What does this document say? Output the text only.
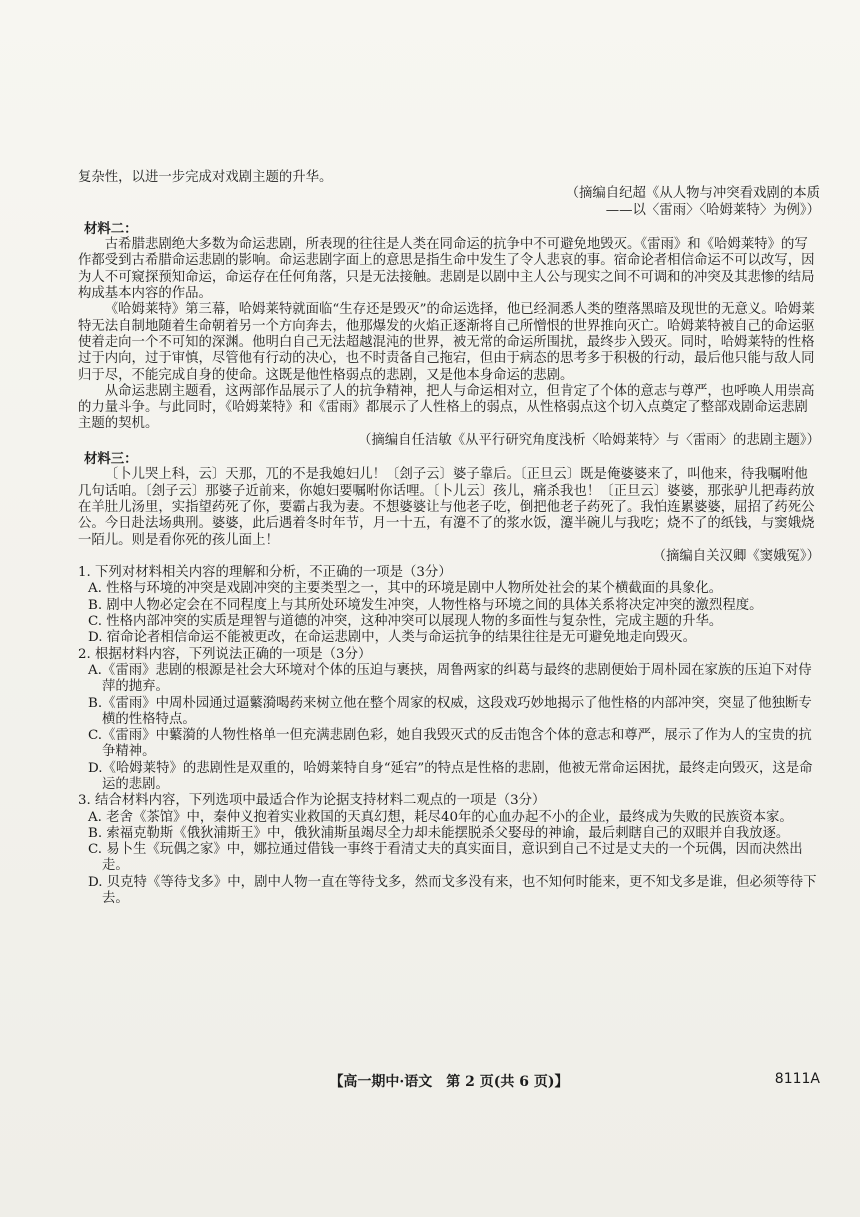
复杂性，以进一步完成对戏剧主题的升华。

（摘编自纪超《从人物与冲突看戏剧的本质

——以〈雷雨〉〈哈姆莱特〉为例》）

材料二：

古希腊悲剧绝大多数为命运悲剧，所表现的往往是人类在同命运的抗争中不可避免地毁灭。《雷雨》和《哈姆莱特》的写作都受到古希腊命运悲剧的影响。命运悲剧字面上的意思是指生命中发生了令人悲哀的事。宿命论者相信命运不可以改写，因为人不可窥探预知命运，命运存在任何角落，只是无法接触。悲剧是以剧中主人公与现实之间不可调和的冲突及其悲惨的结局构成基本内容的作品。

《哈姆莱特》第三幕，哈姆莱特就面临“生存还是毁灭”的命运选择，他已经洞悉人类的堕落黑暗及现世的无意义。哈姆莱特无法自制地随着生命朝着另一个方向奔去，他那爆发的火焰正逐渐将自己所憎恨的世界推向灭亡。哈姆莱特被自己的命运驱使着走向一个不可知的深渊。他明白自己无法超越混沌的世界，被无常的命运所围扰，最终步入毁灭。同时，哈姆莱特的性格过于内向，过于审慎，尽管他有行动的决心，也不时责备自己拖宕，但由于病态的思考多于积极的行动，最后他只能与敌人同归于尽，不能完成自身的使命。这既是他性格弱点的悲剧，又是他本身命运的悲剧。

从命运悲剧主题看，这两部作品展示了人的抗争精神，把人与命运相对立，但肯定了个体的意志与尊严，也呼唤人用崇高的力量斗争。与此同时，《哈姆莱特》和《雷雨》都展示了人性格上的弱点，从性格弱点这个切入点奠定了整部戏剧命运悲剧主题的契机。

（摘编自任洁敏《从平行研究角度浅析〈哈姆莱特〉与〈雷雨〉的悲剧主题》）

材料三：

〔卜儿哭上科，云〕天那，兀的不是我媳妇儿！〔刽子云〕婆子靠后。〔正旦云〕既是俺婆婆来了，叫他来，待我嘱咐他几句话咱。〔刽子云〕那婆子近前来，你媳妇要嘱咐你话哩。〔卜儿云〕孩儿，痛杀我也！〔正旦云〕婆婆，那张驴儿把毒药放在羊肚儿汤里，实指望药死了你，要霸占我为妻。不想婆婆让与他老子吃，倒把他老子药死了。我怕连累婆婆，屈招了药死公公。今日赴法场典刑。婆婆，此后遇着冬时年节，月一十五，有瀽不了的浆水饭，瀽半碗儿与我吃；烧不了的纸钱，与窦娥烧一陌儿。则是看你死的孩儿面上！

（摘编自关汉卿《窦娥冤》）

1. 下列对材料相关内容的理解和分析，不正确的一项是（3分）

A. 性格与环境的冲突是戏剧冲突的主要类型之一，其中的环境是剧中人物所处社会的某个横截面的具象化。

B. 剧中人物必定会在不同程度上与其所处环境发生冲突，人物性格与环境之间的具体关系将决定冲突的激烈程度。

C. 性格内部冲突的实质是理智与道德的冲突，这种冲突可以展现人物的多面性与复杂性，完成主题的升华。

D. 宿命论者相信命运不能被更改，在命运悲剧中，人类与命运抗争的结果往往是无可避免地走向毁灭。

2. 根据材料内容，下列说法正确的一项是（3分）

A.《雷雨》悲剧的根源是社会大环境对个体的压迫与裹挟，周鲁两家的纠葛与最终的悲剧便始于周朴园在家族的压迫下对侍萍的抛弃。

B.《雷雨》中周朴园通过逼蘩漪喝药来树立他在整个周家的权威，这段戏巧妙地揭示了他性格的内部冲突，突显了他独断专横的性格特点。

C.《雷雨》中蘩漪的人物性格单一但充满悲剧色彩，她自我毁灭式的反击饱含个体的意志和尊严，展示了作为人的宝贵的抗争精神。

D.《哈姆莱特》的悲剧性是双重的，哈姆莱特自身“延宕”的特点是性格的悲剧，他被无常命运困扰，最终走向毁灭，这是命运的悲剧。

3. 结合材料内容，下列选项中最适合作为论据支持材料二观点的一项是（3分）

A. 老舍《茶馆》中，秦仲义抱着实业救国的天真幻想，耗尽40年的心血办起不小的企业，最终成为失败的民族资本家。

B. 索福克勒斯《俄狄浦斯王》中，俄狄浦斯虽竭尽全力却未能摆脱杀父娶母的神谕，最后刺瞎自己的双眼并自我放逐。

C. 易卜生《玩偶之家》中，娜拉通过借钱一事终于看清丈夫的真实面目，意识到自己不过是丈夫的一个玩偶，因而决然出走。

D. 贝克特《等待戈多》中，剧中人物一直在等待戈多，然而戈多没有来，也不知何时能来，更不知戈多是谁，但必须等待下去。

【高一期中·语文　第 2 页(共 6 页)】	8111A
